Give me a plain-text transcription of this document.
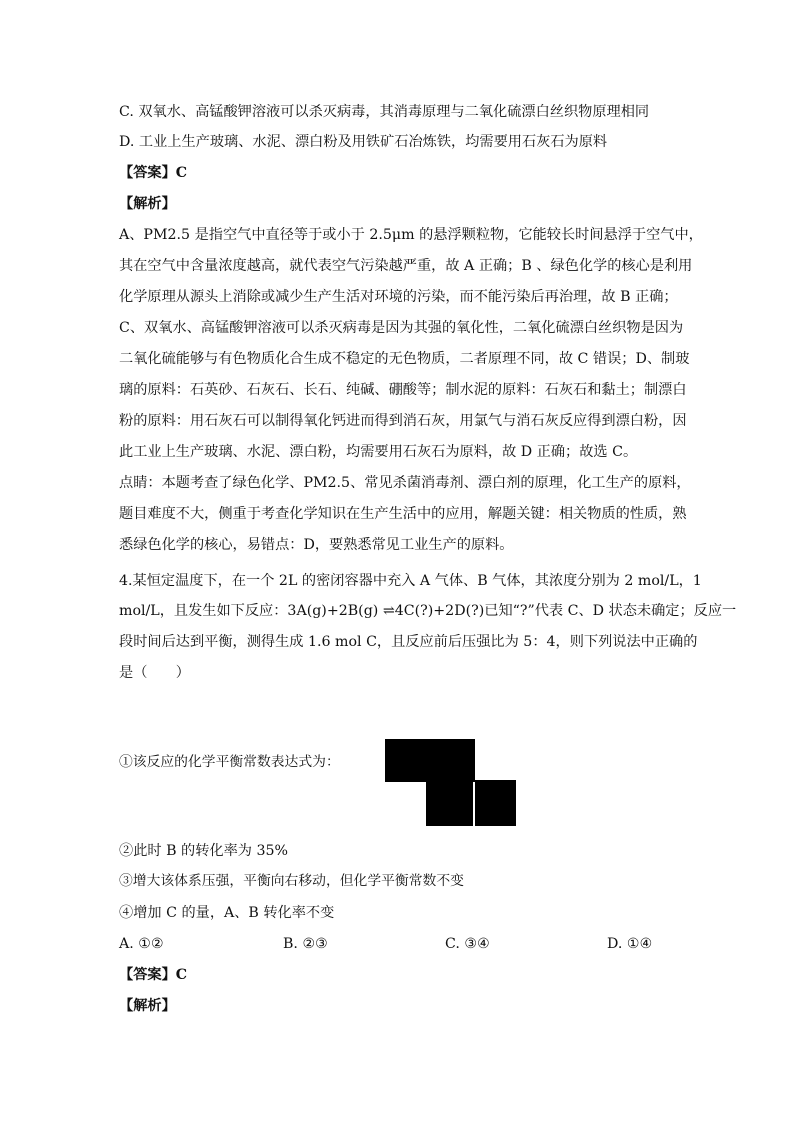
C. 双氧水、高锰酸钾溶液可以杀灭病毒，其消毒原理与二氧化硫漂白丝织物原理相同
D. 工业上生产玻璃、水泥、漂白粉及用铁矿石冶炼铁，均需要用石灰石为原料
【答案】C
【解析】
A、PM2.5 是指空气中直径等于或小于 2.5μm 的悬浮颗粒物，它能较长时间悬浮于空气中，
其在空气中含量浓度越高，就代表空气污染越严重，故 A 正确；B 、绿色化学的核心是利用
化学原理从源头上消除或减少生产生活对环境的污染，而不能污染后再治理，故 B 正确；
C、双氧水、高锰酸钾溶液可以杀灭病毒是因为其强的氧化性，二氧化硫漂白丝织物是因为
二氧化硫能够与有色物质化合生成不稳定的无色物质，二者原理不同，故 C 错误；D、制玻
璃的原料：石英砂、石灰石、长石、纯碱、硼酸等；制水泥的原料：石灰石和黏土；制漂白
粉的原料：用石灰石可以制得氧化钙进而得到消石灰，用氯气与消石灰反应得到漂白粉，因
此工业上生产玻璃、水泥、漂白粉，均需要用石灰石为原料，故 D 正确；故选 C。
点睛：本题考查了绿色化学、PM2.5、常见杀菌消毒剂、漂白剂的原理，化工生产的原料，
题目难度不大，侧重于考查化学知识在生产生活中的应用，解题关键：相关物质的性质，熟
悉绿色化学的核心，易错点：D，要熟悉常见工业生产的原料。
4.某恒定温度下，在一个 2L 的密闭容器中充入 A 气体、B 气体，其浓度分别为 2 mol/L，1
mol/L，且发生如下反应：3A(g)+2B(g) ⇌4C(?)+2D(?)已知“?”代表 C、D 状态未确定；反应一
段时间后达到平衡，测得生成 1.6 mol C，且反应前后压强比为 5：4，则下列说法中正确的
是（　　）
①该反应的化学平衡常数表达式为：
②此时 B 的转化率为 35%
③增大该体系压强，平衡向右移动，但化学平衡常数不变
④增加 C 的量，A、B 转化率不变
A. ①②	B. ②③	C. ③④	D. ①④
【答案】C
【解析】
